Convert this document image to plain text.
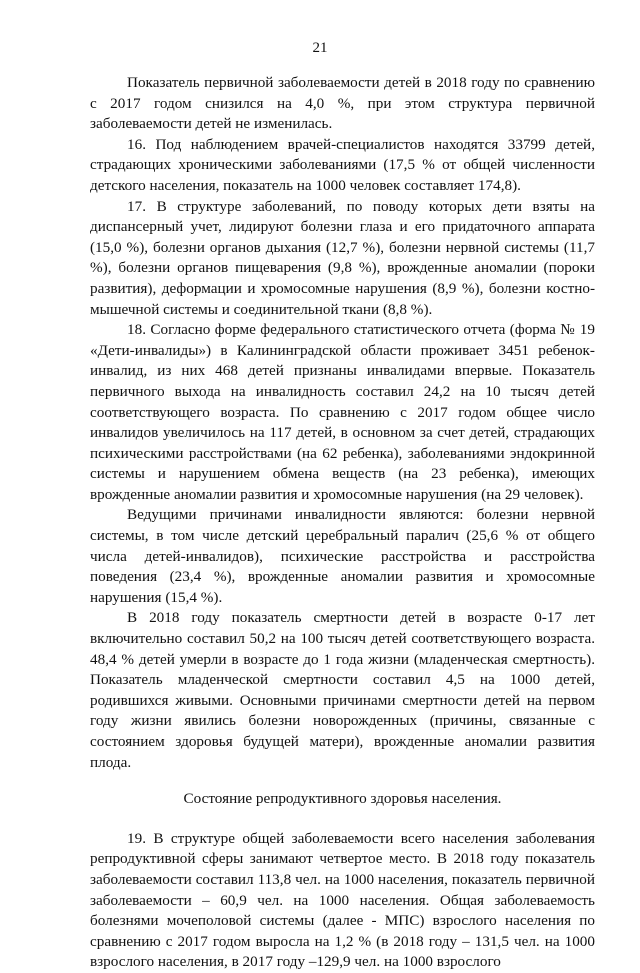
21

Показатель первичной заболеваемости детей в 2018 году по сравнению с 2017 годом снизился на 4,0 %, при этом структура первичной заболеваемости детей не изменилась.

16. Под наблюдением врачей-специалистов находятся 33799 детей, страдающих хроническими заболеваниями (17,5 % от общей численности детского населения, показатель на 1000 человек составляет 174,8).

17. В структуре заболеваний, по поводу которых дети взяты на диспансерный учет, лидируют болезни глаза и его придаточного аппарата (15,0 %), болезни органов дыхания (12,7 %), болезни нервной системы (11,7 %), болезни органов пищеварения (9,8 %), врожденные аномалии (пороки развития), деформации и хромосомные нарушения (8,9 %), болезни костно-мышечной системы и соединительной ткани (8,8 %).

18. Согласно форме федерального статистического отчета (форма № 19 «Дети-инвалиды») в Калининградской области проживает 3451 ребенок-инвалид, из них 468 детей признаны инвалидами впервые. Показатель первичного выхода на инвалидность составил 24,2 на 10 тысяч детей соответствующего возраста. По сравнению с 2017 годом общее число инвалидов увеличилось на 117 детей, в основном за счет детей, страдающих психическими расстройствами (на 62 ребенка), заболеваниями эндокринной системы и нарушением обмена веществ (на 23 ребенка), имеющих врожденные аномалии развития и хромосомные нарушения (на 29 человек).

Ведущими причинами инвалидности являются: болезни нервной системы, в том числе детский церебральный паралич (25,6 % от общего числа детей-инвалидов), психические расстройства и расстройства поведения (23,4 %), врожденные аномалии развития и хромосомные нарушения (15,4 %).

В 2018 году показатель смертности детей в возрасте 0-17 лет включительно составил 50,2 на 100 тысяч детей соответствующего возраста. 48,4 % детей умерли в возрасте до 1 года жизни (младенческая смертность). Показатель младенческой смертности составил 4,5 на 1000 детей, родившихся живыми. Основными причинами смертности детей на первом году жизни явились болезни новорожденных (причины, связанные с состоянием здоровья будущей матери), врожденные аномалии развития плода.

Состояние репродуктивного здоровья населения.

19. В структуре общей заболеваемости всего населения заболевания репродуктивной сферы занимают четвертое место. В 2018 году показатель заболеваемости составил 113,8 чел. на 1000 населения, показатель первичной заболеваемости – 60,9 чел. на 1000 населения. Общая заболеваемость болезнями мочеполовой системы (далее - МПС) взрослого населения по сравнению с 2017 годом выросла на 1,2 % (в 2018 году – 131,5 чел. на 1000 взрослого населения, в 2017 году –129,9 чел. на 1000 взрослого
